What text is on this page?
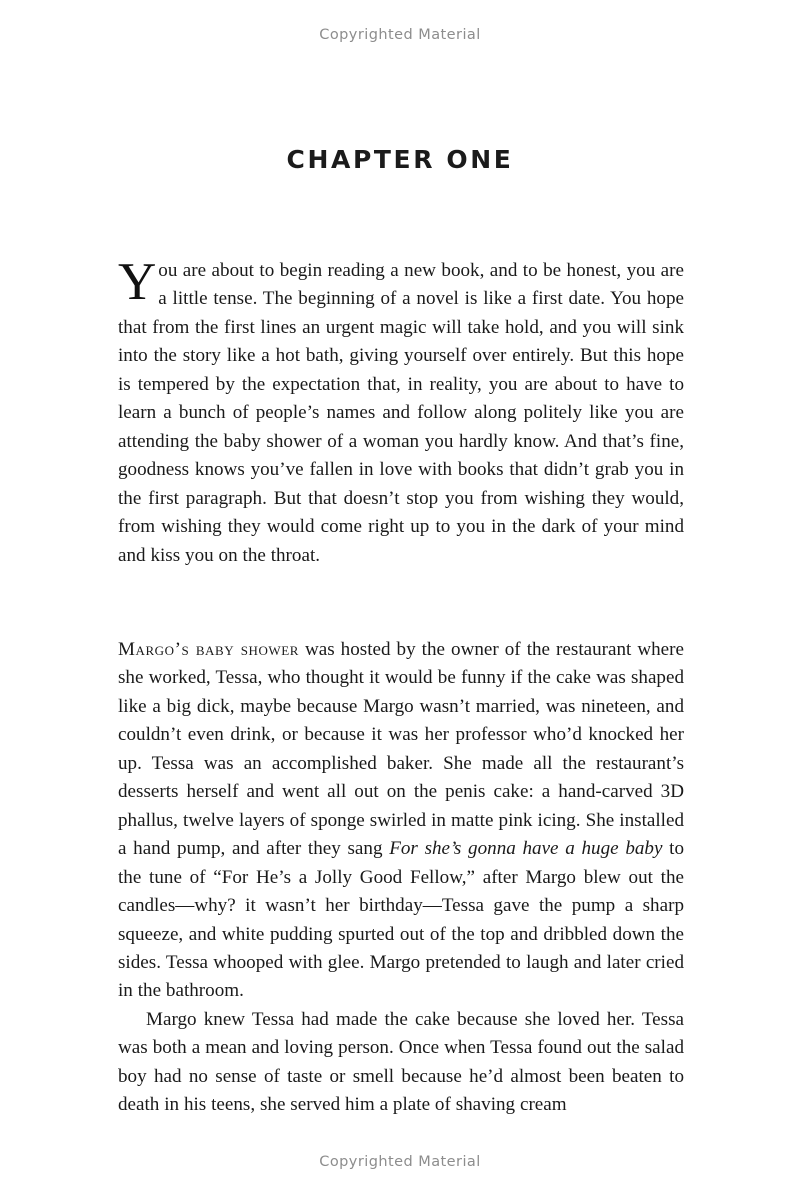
Copyrighted Material
CHAPTER ONE

You are about to begin reading a new book, and to be honest, you are a little tense. The beginning of a novel is like a first date. You hope that from the first lines an urgent magic will take hold, and you will sink into the story like a hot bath, giving yourself over entirely. But this hope is tempered by the expectation that, in reality, you are about to have to learn a bunch of people’s names and follow along politely like you are attending the baby shower of a woman you hardly know. And that’s fine, goodness knows you’ve fallen in love with books that didn’t grab you in the first paragraph. But that doesn’t stop you from wishing they would, from wishing they would come right up to you in the dark of your mind and kiss you on the throat.

Margo’s baby shower was hosted by the owner of the restaurant where she worked, Tessa, who thought it would be funny if the cake was shaped like a big dick, maybe because Margo wasn’t married, was nineteen, and couldn’t even drink, or because it was her professor who’d knocked her up. Tessa was an accomplished baker. She made all the restaurant’s desserts herself and went all out on the penis cake: a hand-carved 3D phallus, twelve layers of sponge swirled in matte pink icing. She installed a hand pump, and after they sang For she’s gonna have a huge baby to the tune of “For He’s a Jolly Good Fellow,” after Margo blew out the candles—why? it wasn’t her birthday—Tessa gave the pump a sharp squeeze, and white pudding spurted out of the top and dribbled down the sides. Tessa whooped with glee. Margo pretended to laugh and later cried in the bathroom.

Margo knew Tessa had made the cake because she loved her. Tessa was both a mean and loving person. Once when Tessa found out the salad boy had no sense of taste or smell because he’d almost been beaten to death in his teens, she served him a plate of shaving cream

Copyrighted Material
